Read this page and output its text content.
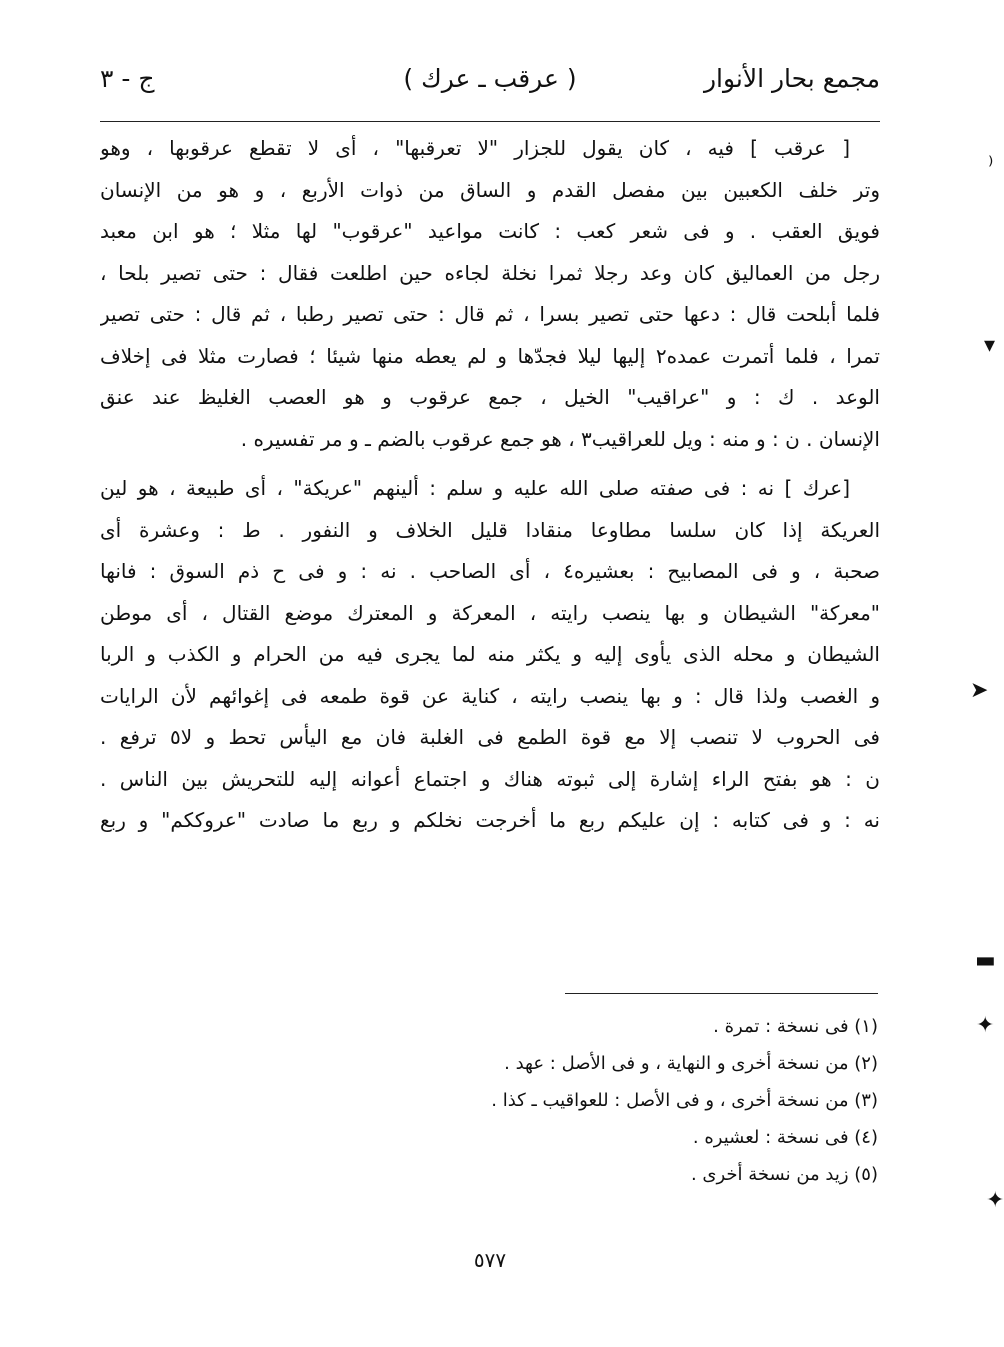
مجمع بحار الأنوار
( عرقب ـ عرك )
ج - ٣
[ عرقب ] فيه ، كان يقول للجزار "لا تعرقبها" ، أى لا تقطع عرقوبها ، وهو
وتر خلف الكعبين بين مفصل القدم و الساق من ذوات الأربع ، و هو من الإنسان
فويق العقب . و فى شعر كعب : كانت مواعيد "عرقوب" لها مثلا ؛ هو ابن معبد
رجل من العماليق كان وعد رجلا ثمرا نخلة لجاءه حين اطلعت فقال : حتى تصير بلحا ،
فلما أبلحت قال : دعها حتى تصير بسرا ، ثم قال : حتى تصير رطبا ، ثم قال : حتى تصير
تمرا ، فلما أتمرت عمده٢ إليها ليلا فجدّها و لم يعطه منها شيئا ؛ فصارت مثلا فى إخلاف
الوعد . ك : و "عراقيب" الخيل ، جمع عرقوب و هو العصب الغليظ عند عنق
الإنسان . ن : و منه : ويل للعراقيب٣ ، هو جمع عرقوب بالضم ـ و مر تفسيره .
[عرك ] نه : فى صفته صلى الله عليه و سلم : ألينهم "عريكة" ، أى طبيعة ، هو لين
العريكة إذا كان سلسا مطاوعا منقادا قليل الخلاف و النفور . ط : وعشرة أى
صحبة ، و فى المصابيح : بعشيره٤ ، أى الصاحب . نه : و فى ح ذم السوق : فانها
"معركة" الشيطان و بها ينصب رايته ، المعركة و المعترك موضع القتال ، أى موطن
الشيطان و محله الذى يأوى إليه و يكثر منه لما يجرى فيه من الحرام و الكذب و الربا
و الغصب ولذا قال : و بها ينصب رايته ، كناية عن قوة طمعه فى إغوائهم لأن الرايات
فى الحروب لا تنصب إلا مع قوة الطمع فى الغلبة فان مع اليأس تحط و لا٥ ترفع .
ن : هو بفتح الراء إشارة إلى ثبوته هناك و اجتماع أعوانه إليه للتحريش بين الناس .
نه : و فى كتابه : إن عليكم ربع ما أخرجت نخلكم و ربع ما صادت "عروككم" و ربع
(١) فى نسخة : تمرة .
(٢) من نسخة أخرى و النهاية ، و فى الأصل : عهد .
(٣) من نسخة أخرى ، و فى الأصل : للعواقيب ـ كذا .
(٤) فى نسخة : لعشيره .
(٥) زيد من نسخة أخرى .
٥٧٧
⁾
▾
➤
▬
✦
✦
